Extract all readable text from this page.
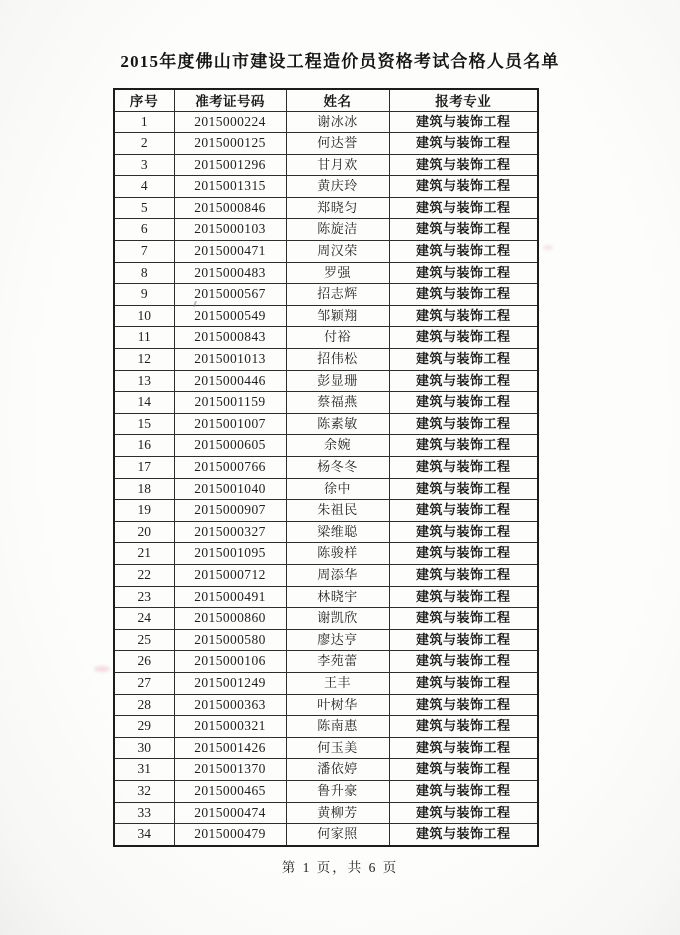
2015年度佛山市建设工程造价员资格考试合格人员名单
序号	准考证号码	姓名	报考专业
1	2015000224	谢冰冰	建筑与装饰工程
2	2015000125	何达誉	建筑与装饰工程
3	2015001296	甘月欢	建筑与装饰工程
4	2015001315	黄庆玲	建筑与装饰工程
5	2015000846	郑晓匀	建筑与装饰工程
6	2015000103	陈旋洁	建筑与装饰工程
7	2015000471	周汉荣	建筑与装饰工程
8	2015000483	罗强	建筑与装饰工程
9	2015000567	招志辉	建筑与装饰工程
10	2015000549	邹颖翔	建筑与装饰工程
11	2015000843	付裕	建筑与装饰工程
12	2015001013	招伟松	建筑与装饰工程
13	2015000446	彭显珊	建筑与装饰工程
14	2015001159	蔡福燕	建筑与装饰工程
15	2015001007	陈素敏	建筑与装饰工程
16	2015000605	余婉	建筑与装饰工程
17	2015000766	杨冬冬	建筑与装饰工程
18	2015001040	徐中	建筑与装饰工程
19	2015000907	朱祖民	建筑与装饰工程
20	2015000327	梁维聪	建筑与装饰工程
21	2015001095	陈骏样	建筑与装饰工程
22	2015000712	周添华	建筑与装饰工程
23	2015000491	林晓宇	建筑与装饰工程
24	2015000860	谢凯欣	建筑与装饰工程
25	2015000580	廖达亨	建筑与装饰工程
26	2015000106	李苑蕾	建筑与装饰工程
27	2015001249	王丰	建筑与装饰工程
28	2015000363	叶树华	建筑与装饰工程
29	2015000321	陈南惠	建筑与装饰工程
30	2015001426	何玉美	建筑与装饰工程
31	2015001370	潘依婷	建筑与装饰工程
32	2015000465	鲁升豪	建筑与装饰工程
33	2015000474	黄柳芳	建筑与装饰工程
34	2015000479	何家照	建筑与装饰工程
第 1 页，共 6 页
